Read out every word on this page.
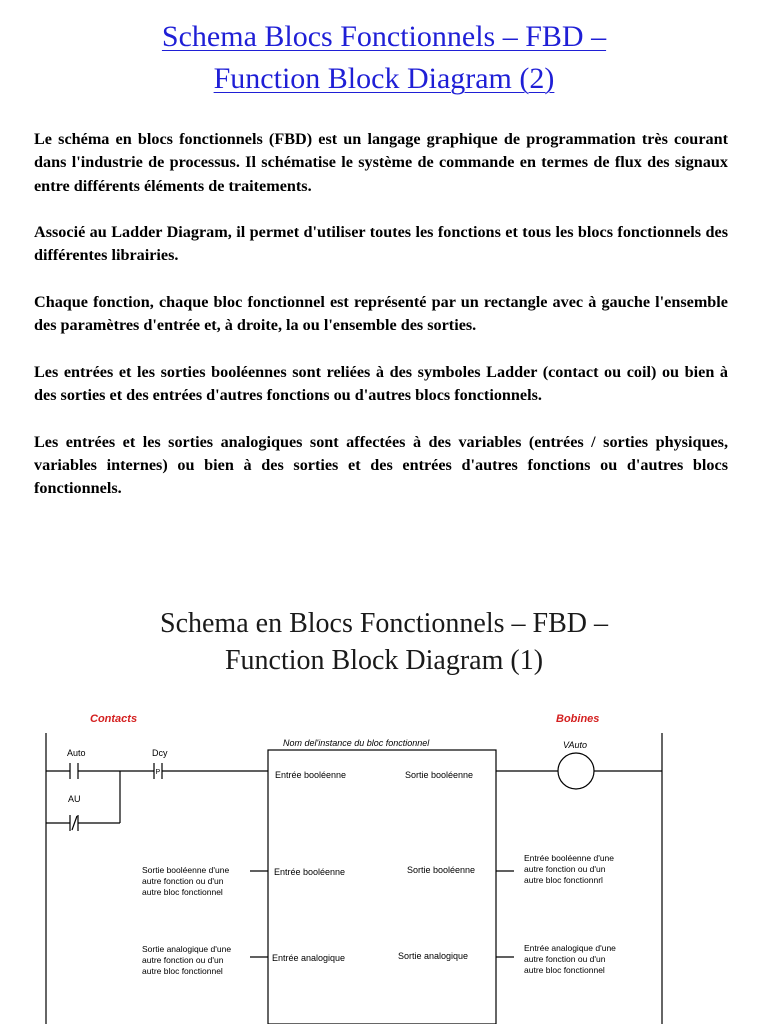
Schema Blocs Fonctionnels – FBD –
Function Block Diagram (2)

Le schéma en blocs fonctionnels (FBD) est un langage graphique de programmation très courant dans l'industrie de processus. Il schématise le système de commande en termes de flux des signaux entre différents éléments de traitements.

Associé au Ladder Diagram, il permet d'utiliser toutes les fonctions et tous les blocs fonctionnels des différentes librairies.

Chaque fonction, chaque bloc fonctionnel est représenté par un rectangle avec à gauche l'ensemble des paramètres d'entrée et, à droite, la ou l'ensemble des sorties.

Les entrées et les sorties booléennes sont reliées à des symboles Ladder (contact ou coil) ou bien à des sorties et des entrées d'autres fonctions ou d'autres blocs fonctionnels.

Les entrées et les sorties analogiques sont affectées à des variables (entrées / sorties physiques, variables internes) ou bien à des sorties et des entrées d'autres fonctions ou d'autres blocs fonctionnels.

Schema en Blocs Fonctionnels – FBD –
Function Block Diagram (1)
Contacts	Bobines
Auto	Dcy
P
AU
VAuto
Nom del'instance du bloc fonctionnel
Entrée booléenne	Sortie booléenne
Entrée booléenne	Sortie booléenne
Entrée analogique	Sortie analogique
Sortie booléenne d'une
autre fonction ou d'un
autre bloc fonctionnel
Sortie analogique d'une
autre fonction ou d'un
autre bloc fonctionnel
Entrée booléenne d'une
autre fonction ou d'un
autre bloc fonctionnrl
Entrée analogique d'une
autre fonction ou d'un
autre bloc fonctionnel
